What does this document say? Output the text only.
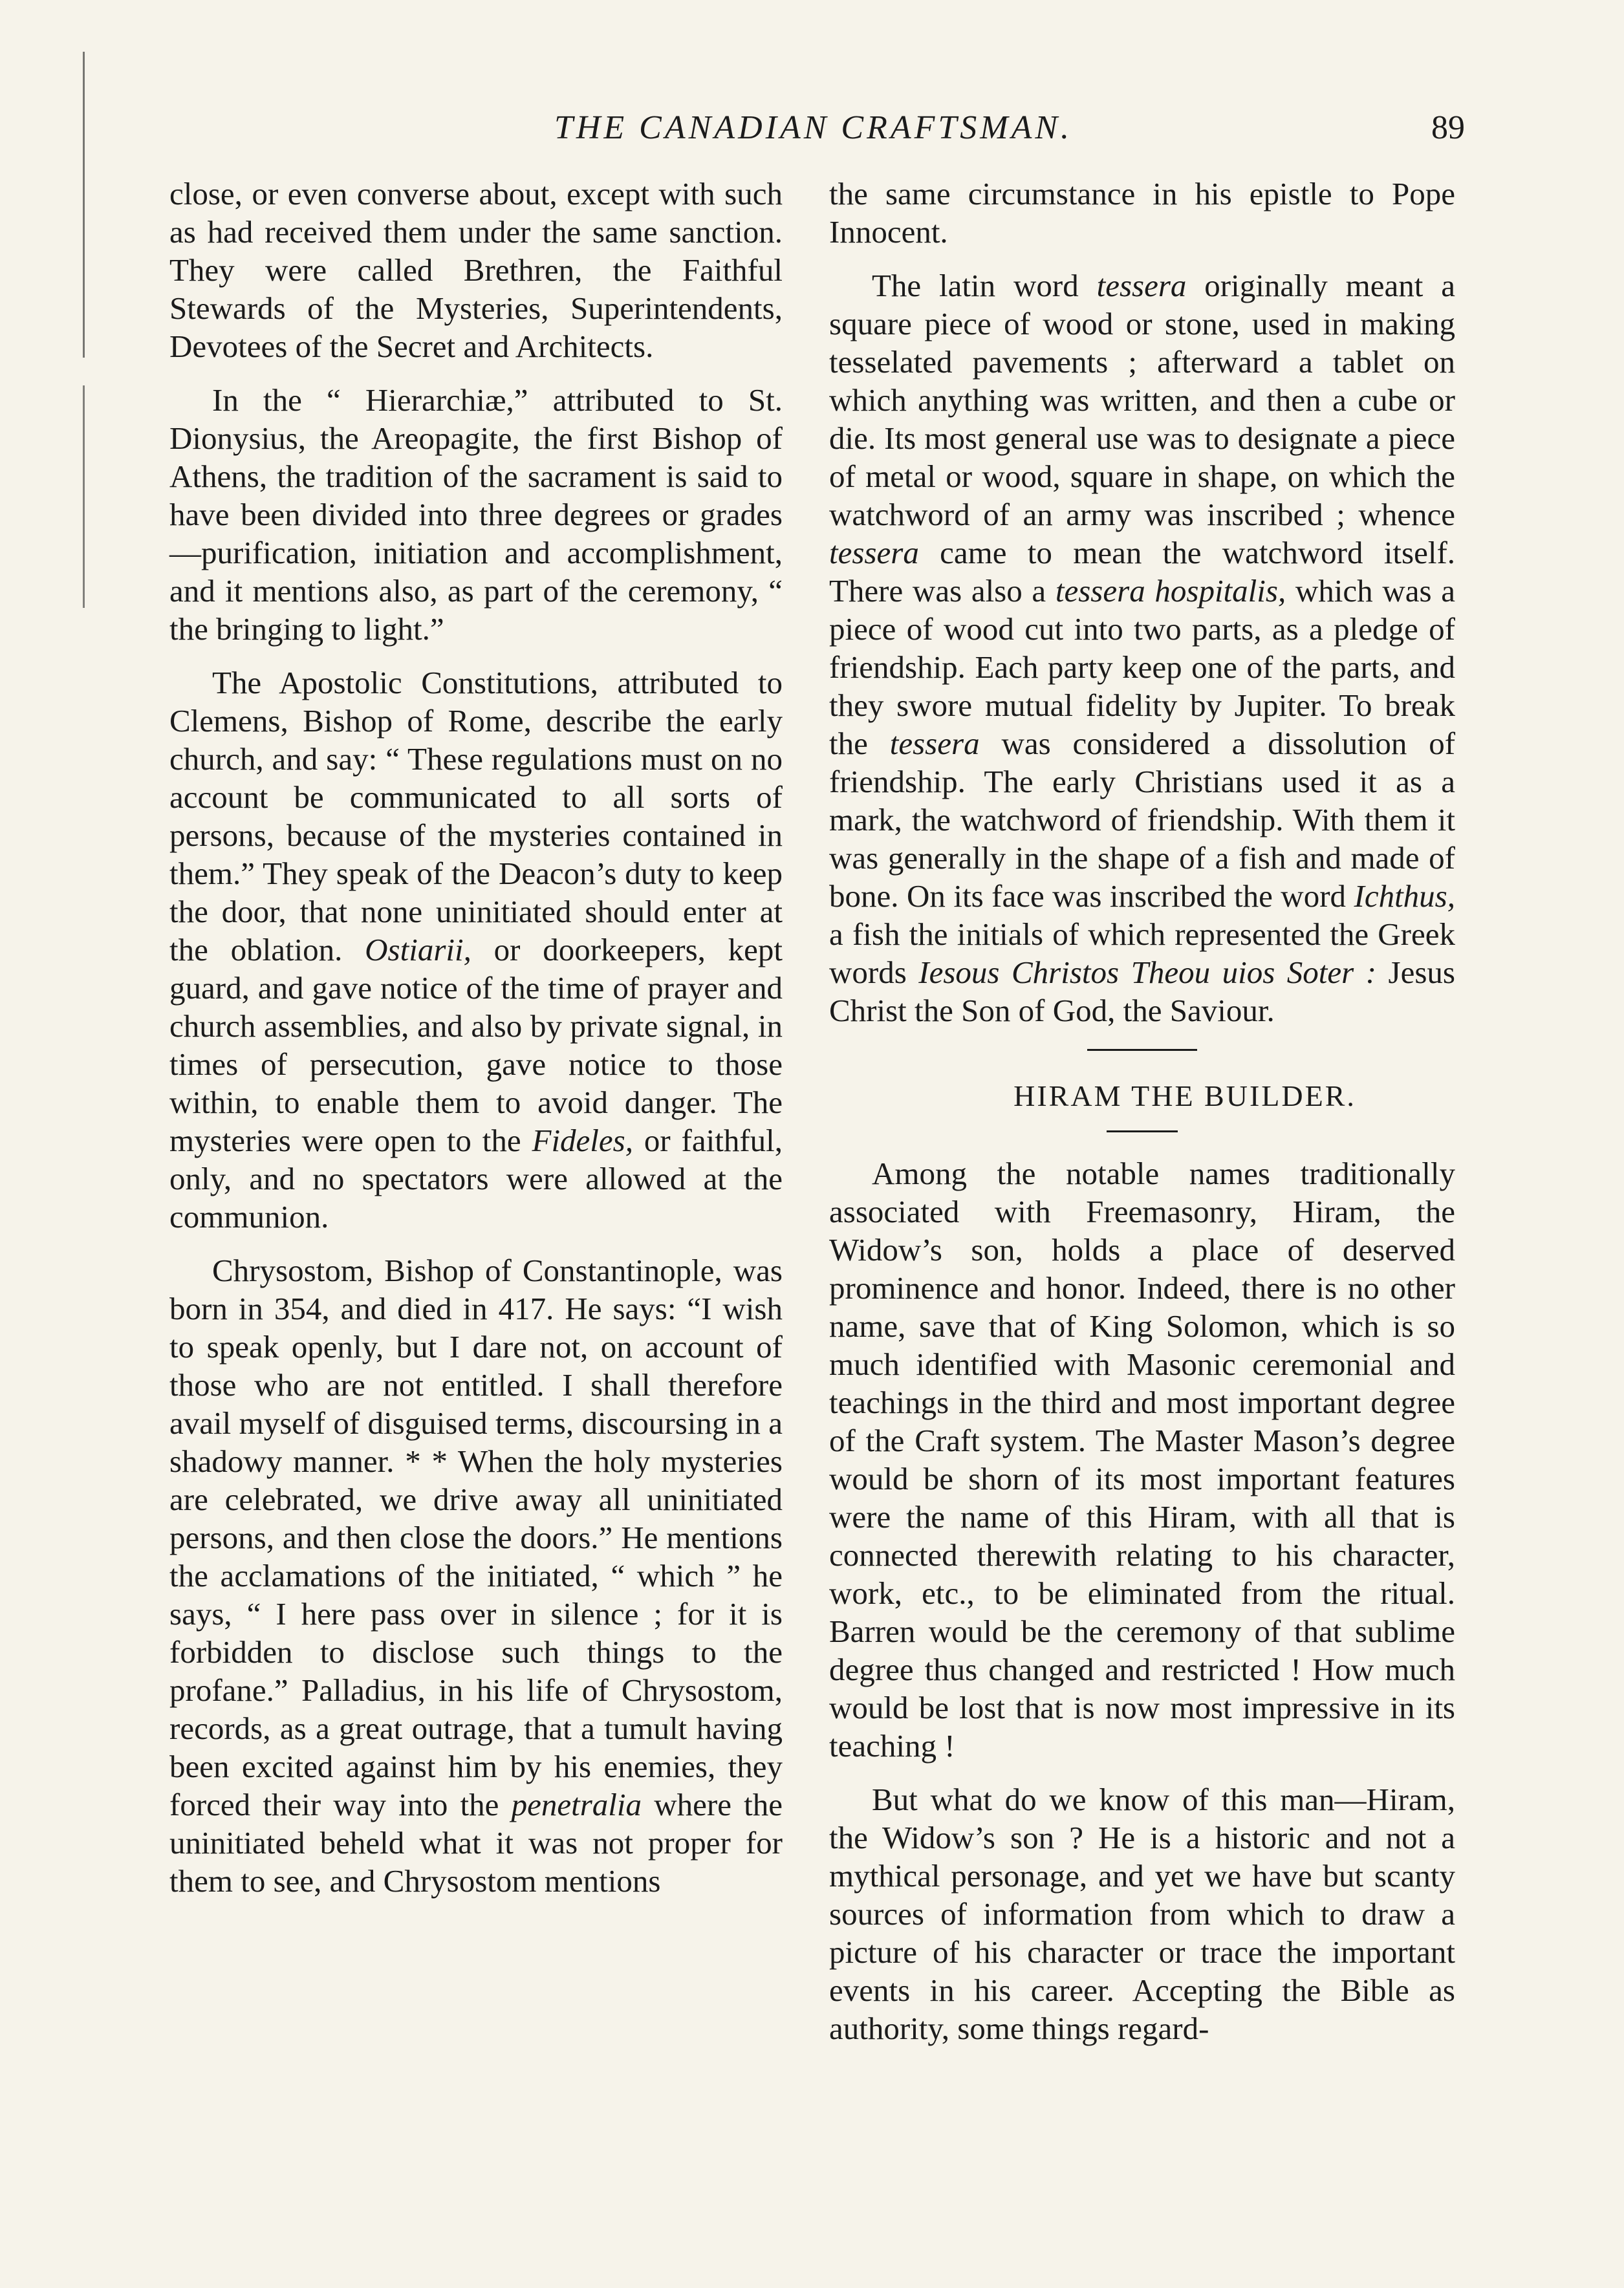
THE CANADIAN CRAFTSMAN.	89

close, or even converse about, except with such as had received them under the same sanction. They were called Brethren, the Faithful Stewards of the Mysteries, Superintendents, Devotees of the Secret and Architects.

In the “ Hierarchiæ,” attributed to St. Dionysius, the Areopagite, the first Bishop of Athens, the tradition of the sacrament is said to have been divided into three degrees or grades —purification, initiation and accomplishment, and it mentions also, as part of the ceremony, “ the bringing to light.”

The Apostolic Constitutions, attributed to Clemens, Bishop of Rome, describe the early church, and say: “ These regulations must on no account be communicated to all sorts of persons, because of the mysteries contained in them.” They speak of the Deacon’s duty to keep the door, that none uninitiated should enter at the oblation. Ostiarii, or doorkeepers, kept guard, and gave notice of the time of prayer and church assemblies, and also by private signal, in times of persecution, gave notice to those within, to enable them to avoid danger. The mysteries were open to the Fideles, or faithful, only, and no spectators were allowed at the communion.

Chrysostom, Bishop of Constantinople, was born in 354, and died in 417. He says: “I wish to speak openly, but I dare not, on account of those who are not entitled. I shall therefore avail myself of disguised terms, discoursing in a shadowy manner. * * When the holy mysteries are celebrated, we drive away all uninitiated persons, and then close the doors.” He mentions the acclamations of the initiated, “ which ” he says, “ I here pass over in silence ; for it is forbidden to disclose such things to the profane.” Palladius, in his life of Chrysostom, records, as a great outrage, that a tumult having been excited against him by his enemies, they forced their way into the penetralia where the uninitiated beheld what it was not proper for them to see, and Chrysostom mentions

the same circumstance in his epistle to Pope Innocent.

The latin word tessera originally meant a square piece of wood or stone, used in making tesselated pavements ; afterward a tablet on which anything was written, and then a cube or die. Its most general use was to designate a piece of metal or wood, square in shape, on which the watchword of an army was inscribed ; whence tessera came to mean the watchword itself. There was also a tessera hospitalis, which was a piece of wood cut into two parts, as a pledge of friendship. Each party keep one of the parts, and they swore mutual fidelity by Jupiter. To break the tessera was considered a dissolution of friendship. The early Christians used it as a mark, the watchword of friendship. With them it was generally in the shape of a fish and made of bone. On its face was inscribed the word Ichthus, a fish the initials of which represented the Greek words Iesous Christos Theou uios Soter : Jesus Christ the Son of God, the Saviour.

HIRAM THE BUILDER.

Among the notable names traditionally associated with Freemasonry, Hiram, the Widow’s son, holds a place of deserved prominence and honor. Indeed, there is no other name, save that of King Solomon, which is so much identified with Masonic ceremonial and teachings in the third and most important degree of the Craft system. The Master Mason’s degree would be shorn of its most important features were the name of this Hiram, with all that is connected therewith relating to his character, work, etc., to be eliminated from the ritual. Barren would be the ceremony of that sublime degree thus changed and restricted ! How much would be lost that is now most impressive in its teaching !

But what do we know of this man—Hiram, the Widow’s son ? He is a historic and not a mythical personage, and yet we have but scanty sources of information from which to draw a picture of his character or trace the important events in his career. Accepting the Bible as authority, some things regard-
